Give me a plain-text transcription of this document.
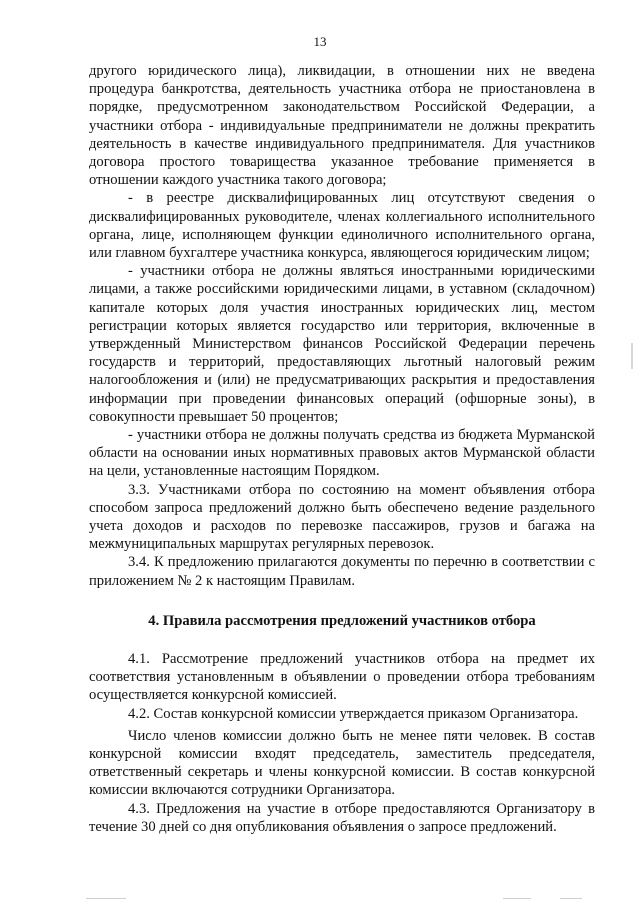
13

другого юридического лица), ликвидации, в отношении них не введена процедура банкротства, деятельность участника отбора не приостановлена в порядке, предусмотренном законодательством Российской Федерации, а участники отбора - индивидуальные предприниматели не должны прекратить деятельность в качестве индивидуального предпринимателя. Для участников договора простого товарищества указанное требование применяется в отношении каждого участника такого договора;

- в реестре дисквалифицированных лиц отсутствуют сведения о дисквалифицированных руководителе, членах коллегиального исполнительного органа, лице, исполняющем функции единоличного исполнительного органа, или главном бухгалтере участника конкурса, являющегося юридическим лицом;

- участники отбора не должны являться иностранными юридическими лицами, а также российскими юридическими лицами, в уставном (складочном) капитале которых доля участия иностранных юридических лиц, местом регистрации которых является государство или территория, включенные в утвержденный Министерством финансов Российской Федерации перечень государств и территорий, предоставляющих льготный налоговый режим налогообложения и (или) не предусматривающих раскрытия и предоставления информации при проведении финансовых операций (офшорные зоны), в совокупности превышает 50 процентов;

- участники отбора не должны получать средства из бюджета Мурманской области на основании иных нормативных правовых актов Мурманской области на цели, установленные настоящим Порядком.

3.3. Участниками отбора по состоянию на момент объявления отбора способом запроса предложений должно быть обеспечено ведение раздельного учета доходов и расходов по перевозке пассажиров, грузов и багажа на межмуниципальных маршрутах регулярных перевозок.

3.4. К предложению прилагаются документы по перечню в соответствии с приложением № 2 к настоящим Правилам.

4. Правила рассмотрения предложений участников отбора

4.1. Рассмотрение предложений участников отбора на предмет их соответствия установленным в объявлении о проведении отбора требованиям осуществляется конкурсной комиссией.

4.2. Состав конкурсной комиссии утверждается приказом Организатора.

Число членов комиссии должно быть не менее пяти человек. В состав конкурсной комиссии входят председатель, заместитель председателя, ответственный секретарь и члены конкурсной комиссии. В состав конкурсной комиссии включаются сотрудники Организатора.

4.3. Предложения на участие в отборе предоставляются Организатору в течение 30 дней со дня опубликования объявления о запросе предложений.
